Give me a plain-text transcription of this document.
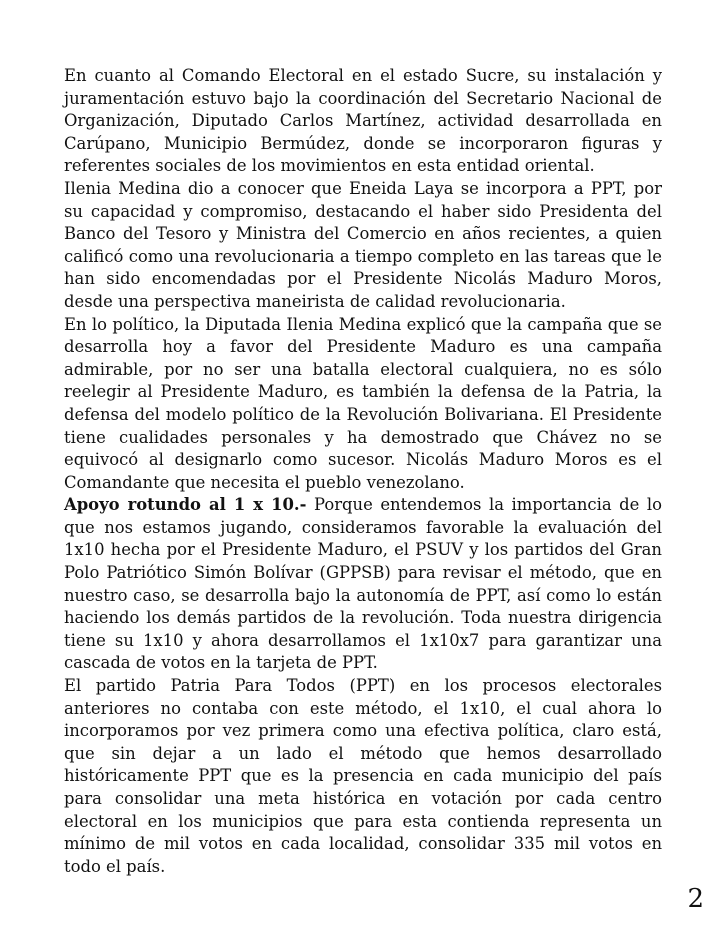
En cuanto al Comando Electoral en el estado Sucre, su instalación y juramentación estuvo bajo la coordinación del Secretario Nacional de Organización, Diputado Carlos Martínez, actividad desarrollada en Carúpano, Municipio Bermúdez, donde se incorporaron figuras y referentes sociales de los movimientos en esta entidad oriental.

Ilenia Medina dio a conocer que Eneida Laya se incorpora a PPT, por su capacidad y compromiso, destacando el haber sido Presidenta del Banco del Tesoro y Ministra del Comercio en años recientes, a quien calificó como una revolucionaria a tiempo completo en las tareas que le han sido encomendadas por el Presidente Nicolás Maduro Moros, desde una perspectiva maneirista de calidad revolucionaria.

En lo político, la Diputada Ilenia Medina explicó que la campaña que se desarrolla hoy a favor del Presidente Maduro es una campaña admirable, por no ser una batalla electoral cualquiera, no es sólo reelegir al Presidente Maduro, es también la defensa de la Patria, la defensa del modelo político de la Revolución Bolivariana. El Presidente tiene cualidades personales y ha demostrado que Chávez no se equivocó al designarlo como sucesor. Nicolás Maduro Moros es el Comandante que necesita el pueblo venezolano.

Apoyo rotundo al 1 x 10.- Porque entendemos la importancia de lo que nos estamos jugando, consideramos favorable la evaluación del 1x10 hecha por el Presidente Maduro, el PSUV y los partidos del Gran Polo Patriótico Simón Bolívar (GPPSB) para revisar el método, que en nuestro caso, se desarrolla bajo la autonomía de PPT, así como lo están haciendo los demás partidos de la revolución. Toda nuestra dirigencia tiene su 1x10 y ahora desarrollamos el 1x10x7 para garantizar una cascada de votos en la tarjeta de PPT.

El partido Patria Para Todos (PPT) en los procesos electorales anteriores no contaba con este método, el 1x10, el cual ahora lo incorporamos por vez primera como una efectiva política, claro está, que sin dejar a un lado el método que hemos desarrollado históricamente PPT que es la presencia en cada municipio del país para consolidar una meta histórica en votación por cada centro electoral en los municipios que para esta contienda representa un mínimo de mil votos en cada localidad, consolidar 335 mil votos en todo el país.

2
